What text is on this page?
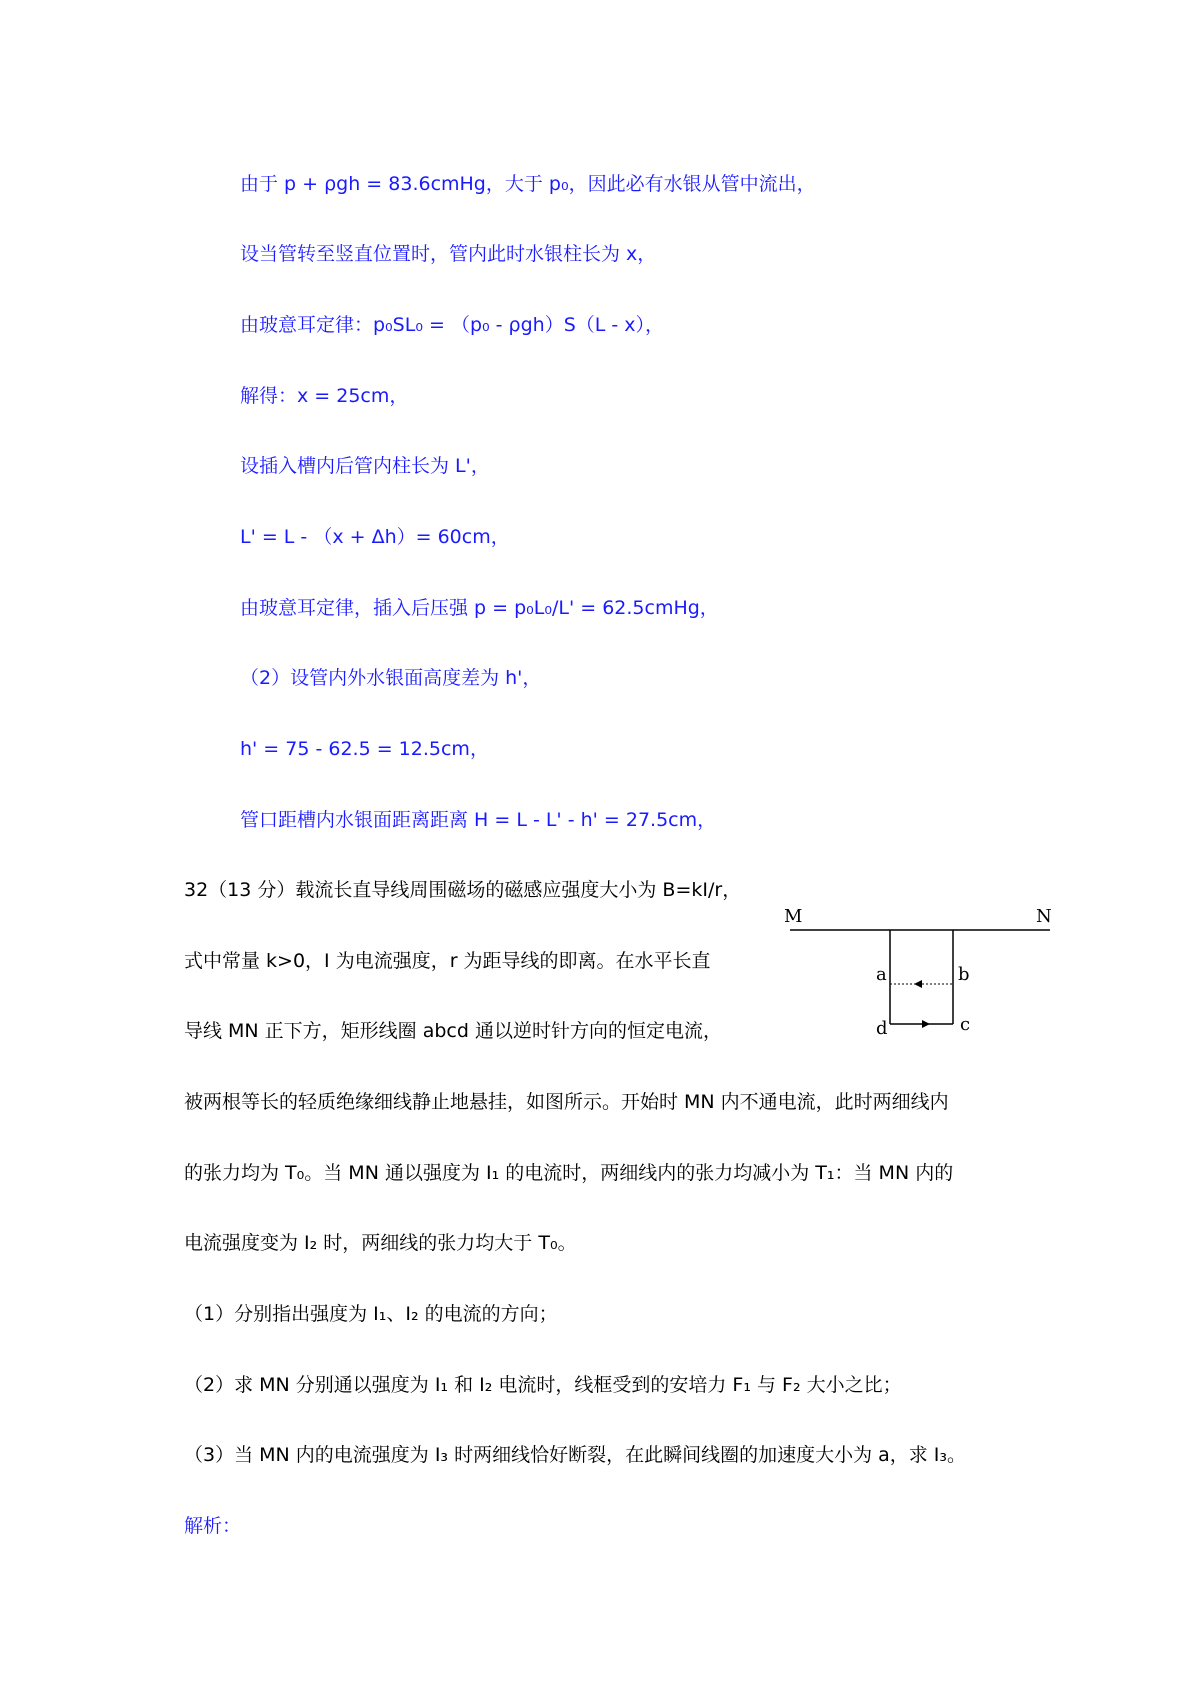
由于 p + ρgh = 83.6cmHg，大于 p₀，因此必有水银从管中流出，
设当管转至竖直位置时，管内此时水银柱长为 x，
由玻意耳定律：p₀SL₀ = （p₀ - ρgh）S（L - x），
解得：x = 25cm，
设插入槽内后管内柱长为 L'，
L' = L - （x + Δh）= 60cm，
由玻意耳定律，插入后压强 p = p₀L₀/L' = 62.5cmHg，
（2）设管内外水银面高度差为 h'，
h' = 75 - 62.5 = 12.5cm，
管口距槽内水银面距离距离 H = L - L' - h' = 27.5cm，
32（13 分）载流长直导线周围磁场的磁感应强度大小为 B=kI/r，
式中常量 k>0，I 为电流强度，r 为距导线的即离。在水平长直
导线 MN 正下方，矩形线圈 abcd 通以逆时针方向的恒定电流，
被两根等长的轻质绝缘细线静止地悬挂，如图所示。开始时 MN 内不通电流，此时两细线内
的张力均为 T₀。当 MN 通以强度为 I₁ 的电流时，两细线内的张力均减小为 T₁：当 MN 内的
电流强度变为 I₂ 时，两细线的张力均大于 T₀。
（1）分别指出强度为 I₁、I₂ 的电流的方向；
（2）求 MN 分别通以强度为 I₁ 和 I₂ 电流时，线框受到的安培力 F₁ 与 F₂ 大小之比；
（3）当 MN 内的电流强度为 I₃ 时两细线恰好断裂，在此瞬间线圈的加速度大小为 a，求 I₃。
解析：
M	N
a	b
c
d
